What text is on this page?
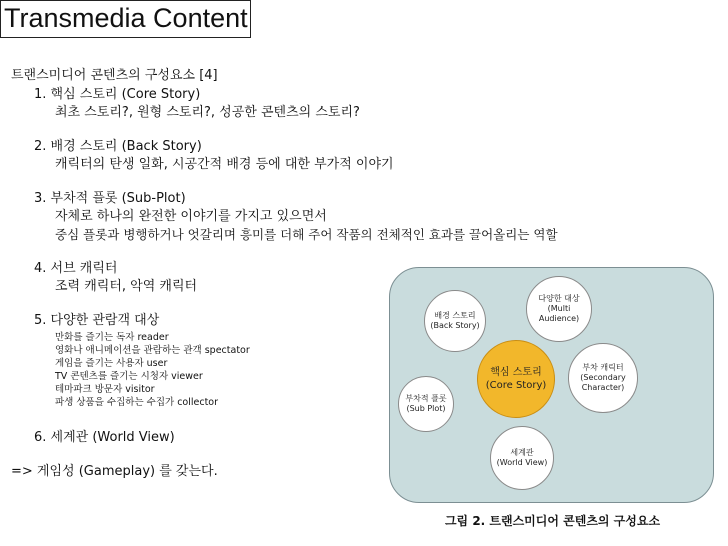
Transmedia Content
트랜스미디어 콘텐츠의 구성요소 [4]
1. 핵심 스토리 (Core Story)
최초 스토리?, 원형 스토리?, 성공한 콘텐츠의 스토리?
2. 배경 스토리 (Back Story)
캐릭터의 탄생 일화, 시공간적 배경 등에 대한 부가적 이야기
3. 부차적 플롯 (Sub-Plot)
자체로 하나의 완전한 이야기를 가지고 있으면서
중심 플롯과 병행하거나 엇갈리며 흥미를 더해 주어 작품의 전체적인 효과를 끌어올리는 역할
4. 서브 캐릭터
조력 캐릭터, 악역 캐릭터
5. 다양한 관람객 대상
만화를 즐기는 독자 reader
영화나 애니메이션을 관람하는 관객 spectator
게임을 즐기는 사용자 user
TV 콘텐츠를 즐기는 시청자 viewer
테마파크 방문자 visitor
파생 상품을 수집하는 수집가 collector
6. 세계관 (World View)
=> 게임성 (Gameplay) 를 갖는다.
배경 스토리
(Back Story)
다양한 대상
(Multi
Audience)
핵심 스토리
(Core Story)
부차적 플롯
(Sub Plot)
부차 캐릭터
(Secondary
Character)
세계관
(World View)
그림 2. 트랜스미디어 콘텐츠의 구성요소
